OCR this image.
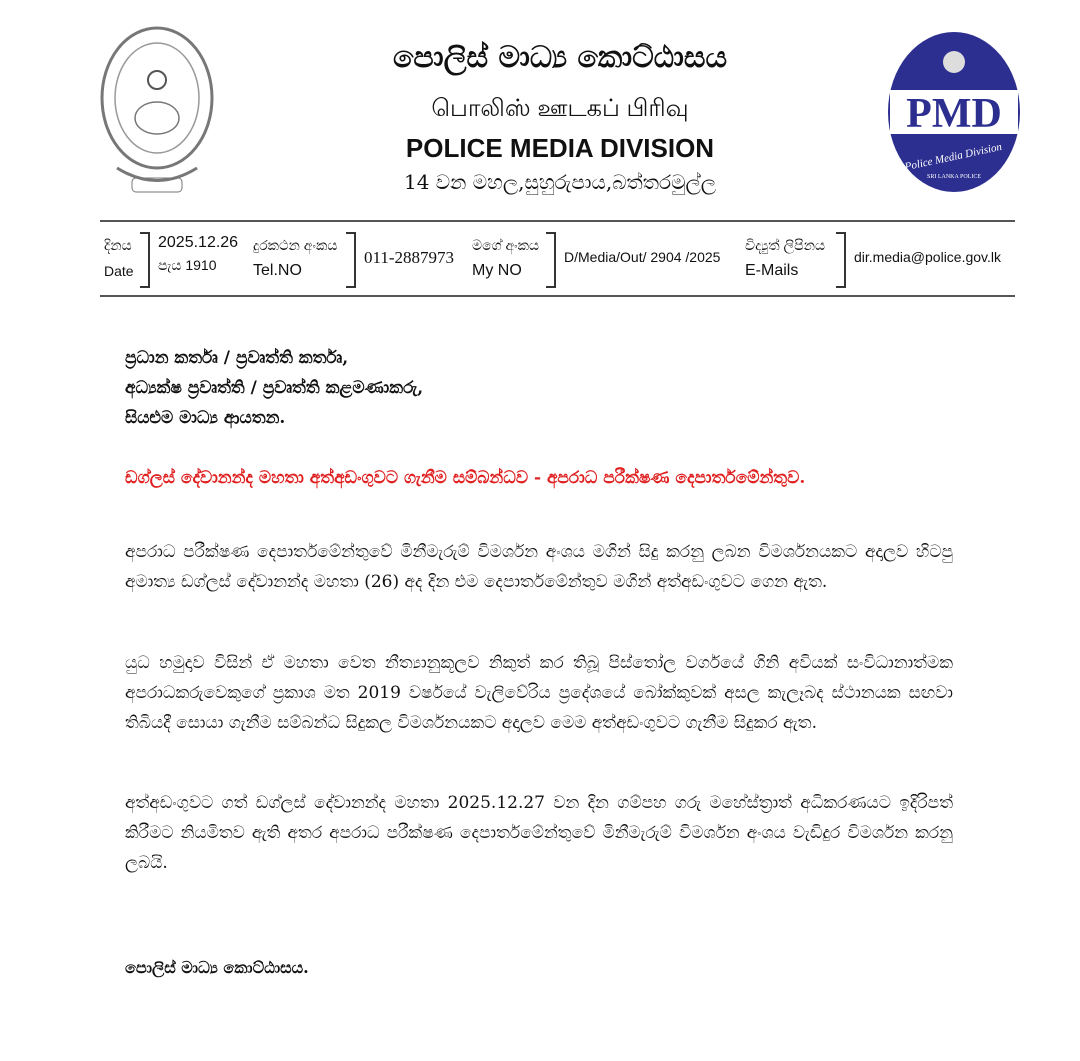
පොලිස් මාධ්‍ය කොට්ඨාසය
பொலிஸ் ஊடகப் பிரிவு
POLICE MEDIA DIVISION
14 වන මහල,සුහුරුපාය,බත්තරමුල්ල
PMD
Police Media Division
SRI LANKA POLICE
දිනය
Date
2025.12.26
පැය 1910
දුරකථන අංකය
Tel.NO
011-2887973
මගේ අංකය
My NO
D/Media/Out/ 2904 /2025
විද්‍යුත් ලිපිනය
E-Mails
dir.media@police.gov.lk
ප්‍රධාන කර්තෘ / ප්‍රවෘත්ති කර්තෘ,
අධ්‍යක්ෂ ප්‍රවෘත්ති / ප්‍රවෘත්ති කළමණාකරු,
සියළුම මාධ්‍ය ආයතන.
ඩග්ලස් දේවානන්ද මහතා අත්අඩංගුවට ගැනීම සම්බන්ධව - අපරාධ පරීක්ෂණ දෙපාර්තමේන්තුව.
අපරාධ පරීක්ෂණ දෙපාර්තමේන්තුවේ මිනීමැරුම් විමර්ශන අංශය මගින් සිදු කරනු ලබන විමර්ශනයකට අදාලව හිටපු අමාත්‍ය ඩග්ලස් දේවානන්ද මහතා (26) අද දින එම දෙපාර්තමේන්තුව මගින් අත්අඩංගුවට ගෙන ඇත.
යුධ හමුදාව විසින් ඒ මහතා වෙත නීත්‍යානුකූලව නිකුත් කර තිබූ පිස්තෝල වර්ගයේ ගිනි අවියක් සංවිධානාත්මක අපරාධකරුවෙකුගේ ප්‍රකාශ මත 2019 වර්ෂයේ වැලිවේරිය ප්‍රදේශයේ බෝක්කුවක් අසල කැලෑබද ස්ථානයක සඟවා තිබියදී සොයා ගැනීම සම්බන්ධ සිදුකල විමර්ශනයකට අදාලව මෙම අත්අඩංගුවට ගැනීම සිදුකර ඇත.
අත්අඩංගුවට ගත් ඩග්ලස් දේවානන්ද මහතා 2025.12.27 වන දින ගම්පහ ගරු මහේස්ත්‍රාත් අධිකරණයට ඉදිරිපත් කිරීමට නියමිතව ඇති අතර අපරාධ පරීක්ෂණ දෙපාර්තමේන්තුවේ මිනීමැරුම් විමර්ශන අංශය වැඩිදුර විමර්ශන කරනු ලබයි.
පොලිස් මාධ්‍ය කොට්ඨාසය.
